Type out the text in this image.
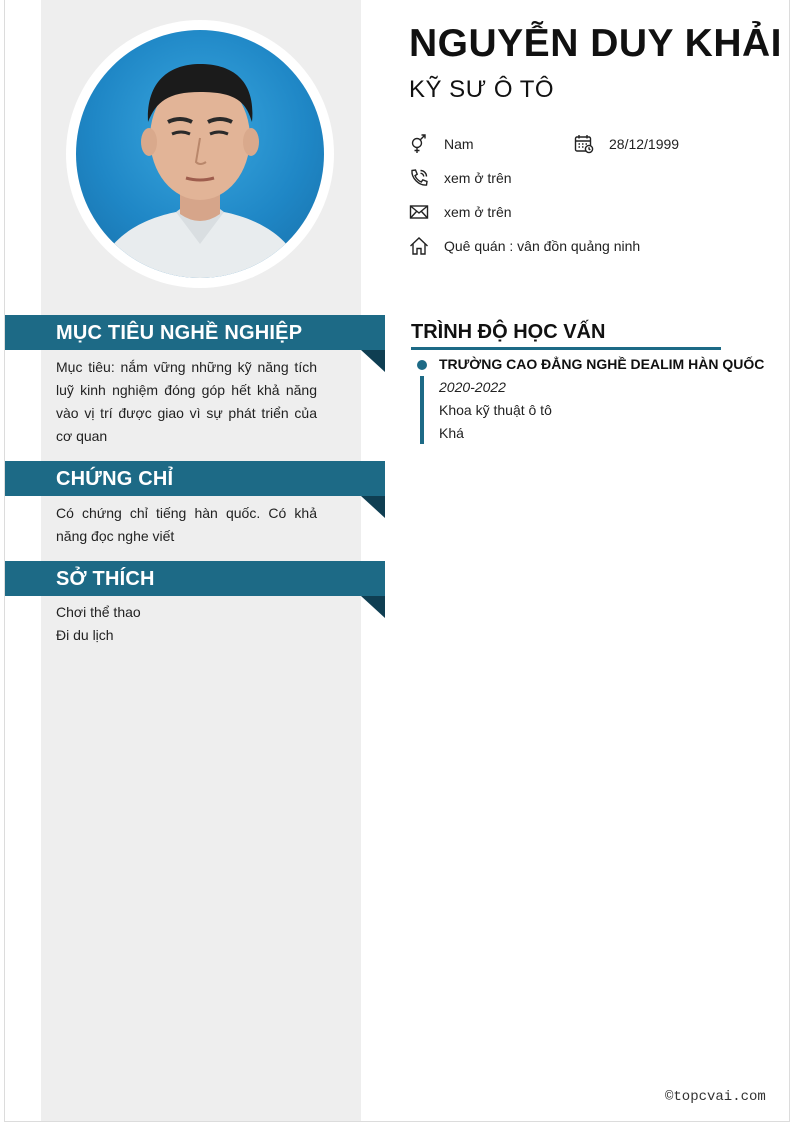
MỤC TIÊU NGHỀ NGHIỆP
Mục tiêu: nắm vững những kỹ năng tích luỹ kinh nghiệm đóng góp hết khả năng vào vị trí được giao vì sự phát triển của cơ quan
CHỨNG CHỈ
Có chứng chỉ tiếng hàn quốc. Có khả năng đọc nghe viết
SỞ THÍCH
Chơi thể thao
Đi du lịch
NGUYỄN DUY KHẢI
KỸ SƯ Ô TÔ
Nam	28/12/1999
xem ở trên
xem ở trên
Quê quán : vân đồn quảng ninh
TRÌNH ĐỘ HỌC VẤN
TRƯỜNG CAO ĐẲNG NGHỀ DEALIM HÀN QUỐC
2020-2022
Khoa kỹ thuật ô tô
Khá
©topcvai.com
